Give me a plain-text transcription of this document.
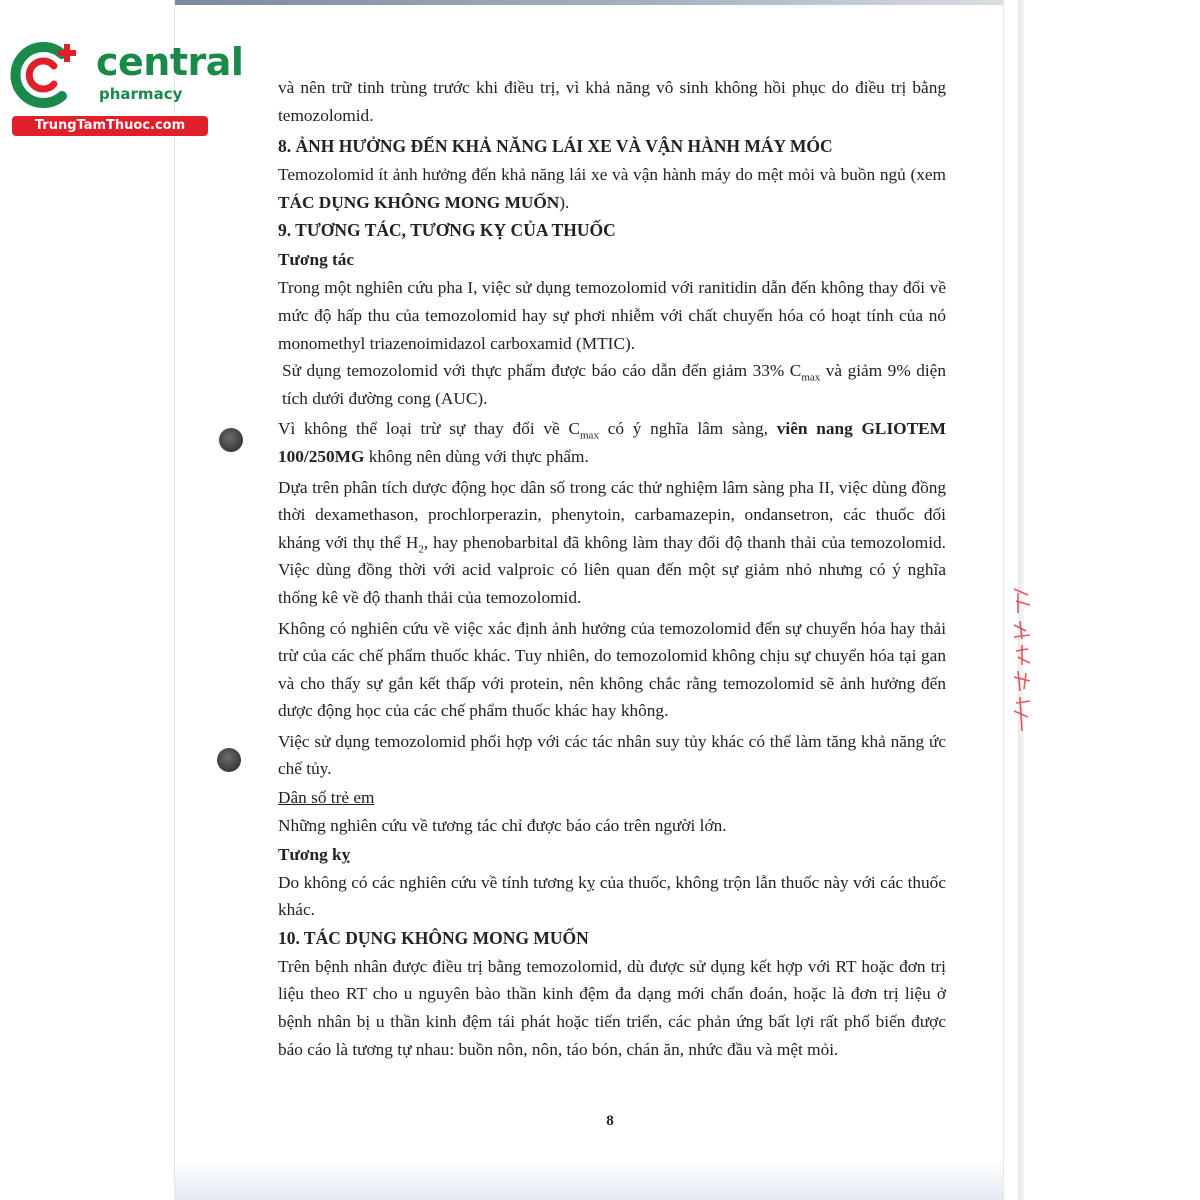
central
pharmacy
TrungTamThuoc.com

và nên trữ tinh trùng trước khi điều trị, vì khả năng vô sinh không hồi phục do điều trị bằng temozolomid.

8. ẢNH HƯỞNG ĐẾN KHẢ NĂNG LÁI XE VÀ VẬN HÀNH MÁY MÓC

Temozolomid ít ảnh hưởng đến khả năng lái xe và vận hành máy do mệt mỏi và buồn ngủ (xem TÁC DỤNG KHÔNG MONG MUỐN).

9. TƯƠNG TÁC, TƯƠNG KỴ CỦA THUỐC
Tương tác

Trong một nghiên cứu pha I, việc sử dụng temozolomid với ranitidin dẫn đến không thay đổi về mức độ hấp thu của temozolomid hay sự phơi nhiễm với chất chuyển hóa có hoạt tính của nó monomethyl triazenoimidazol carboxamid (MTIC).

Sử dụng temozolomid với thực phẩm được báo cáo dẫn đến giảm 33% $C_{max}$ và giảm 9% diện tích dưới đường cong (AUC).

Vì không thể loại trừ sự thay đổi về $C_{max}$ có ý nghĩa lâm sàng, viên nang GLIOTEM 100/250MG không nên dùng với thực phẩm.

Dựa trên phân tích dược động học dân số trong các thử nghiệm lâm sàng pha II, việc dùng đồng thời dexamethason, prochlorperazin, phenytoin, carbamazepin, ondansetron, các thuốc đối kháng với thụ thể $H_2$, hay phenobarbital đã không làm thay đổi độ thanh thải của temozolomid. Việc dùng đồng thời với acid valproic có liên quan đến một sự giảm nhỏ nhưng có ý nghĩa thống kê về độ thanh thải của temozolomid.

Không có nghiên cứu về việc xác định ảnh hưởng của temozolomid đến sự chuyển hóa hay thải trừ của các chế phẩm thuốc khác. Tuy nhiên, do temozolomid không chịu sự chuyển hóa tại gan và cho thấy sự gắn kết thấp với protein, nên không chắc rằng temozolomid sẽ ảnh hưởng đến dược động học của các chế phẩm thuốc khác hay không.

Việc sử dụng temozolomid phối hợp với các tác nhân suy tủy khác có thể làm tăng khả năng ức chế tủy.

Dân số trẻ em

Những nghiên cứu về tương tác chỉ được báo cáo trên người lớn.

Tương kỵ

Do không có các nghiên cứu về tính tương kỵ của thuốc, không trộn lẫn thuốc này với các thuốc khác.

10. TÁC DỤNG KHÔNG MONG MUỐN

Trên bệnh nhân được điều trị bằng temozolomid, dù được sử dụng kết hợp với RT hoặc đơn trị liệu theo RT cho u nguyên bào thần kinh đệm đa dạng mới chẩn đoán, hoặc là đơn trị liệu ở bệnh nhân bị u thần kinh đệm tái phát hoặc tiến triển, các phản ứng bất lợi rất phổ biến được báo cáo là tương tự nhau: buồn nôn, nôn, táo bón, chán ăn, nhức đầu và mệt mỏi.

8
